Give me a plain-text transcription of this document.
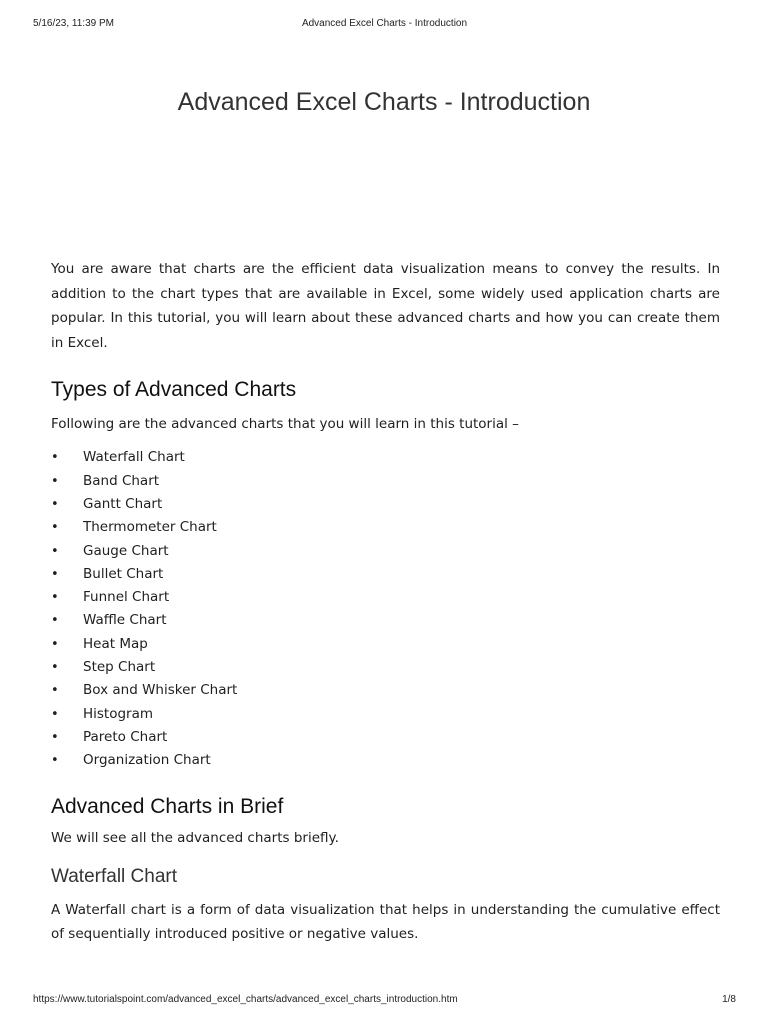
5/16/23, 11:39 PM	Advanced Excel Charts - Introduction
Advanced Excel Charts - Introduction

You are aware that charts are the efficient data visualization means to convey the results. In addition to the chart types that are available in Excel, some widely used application charts are popular. In this tutorial, you will learn about these advanced charts and how you can create them in Excel.

Types of Advanced Charts

Following are the advanced charts that you will learn in this tutorial –

• Waterfall Chart
• Band Chart
• Gantt Chart
• Thermometer Chart
• Gauge Chart
• Bullet Chart
• Funnel Chart
• Waffle Chart
• Heat Map
• Step Chart
• Box and Whisker Chart
• Histogram
• Pareto Chart
• Organization Chart
Advanced Charts in Brief

We will see all the advanced charts briefly.

Waterfall Chart

A Waterfall chart is a form of data visualization that helps in understanding the cumulative effect of sequentially introduced positive or negative values.

https://www.tutorialspoint.com/advanced_excel_charts/advanced_excel_charts_introduction.htm	1/8
